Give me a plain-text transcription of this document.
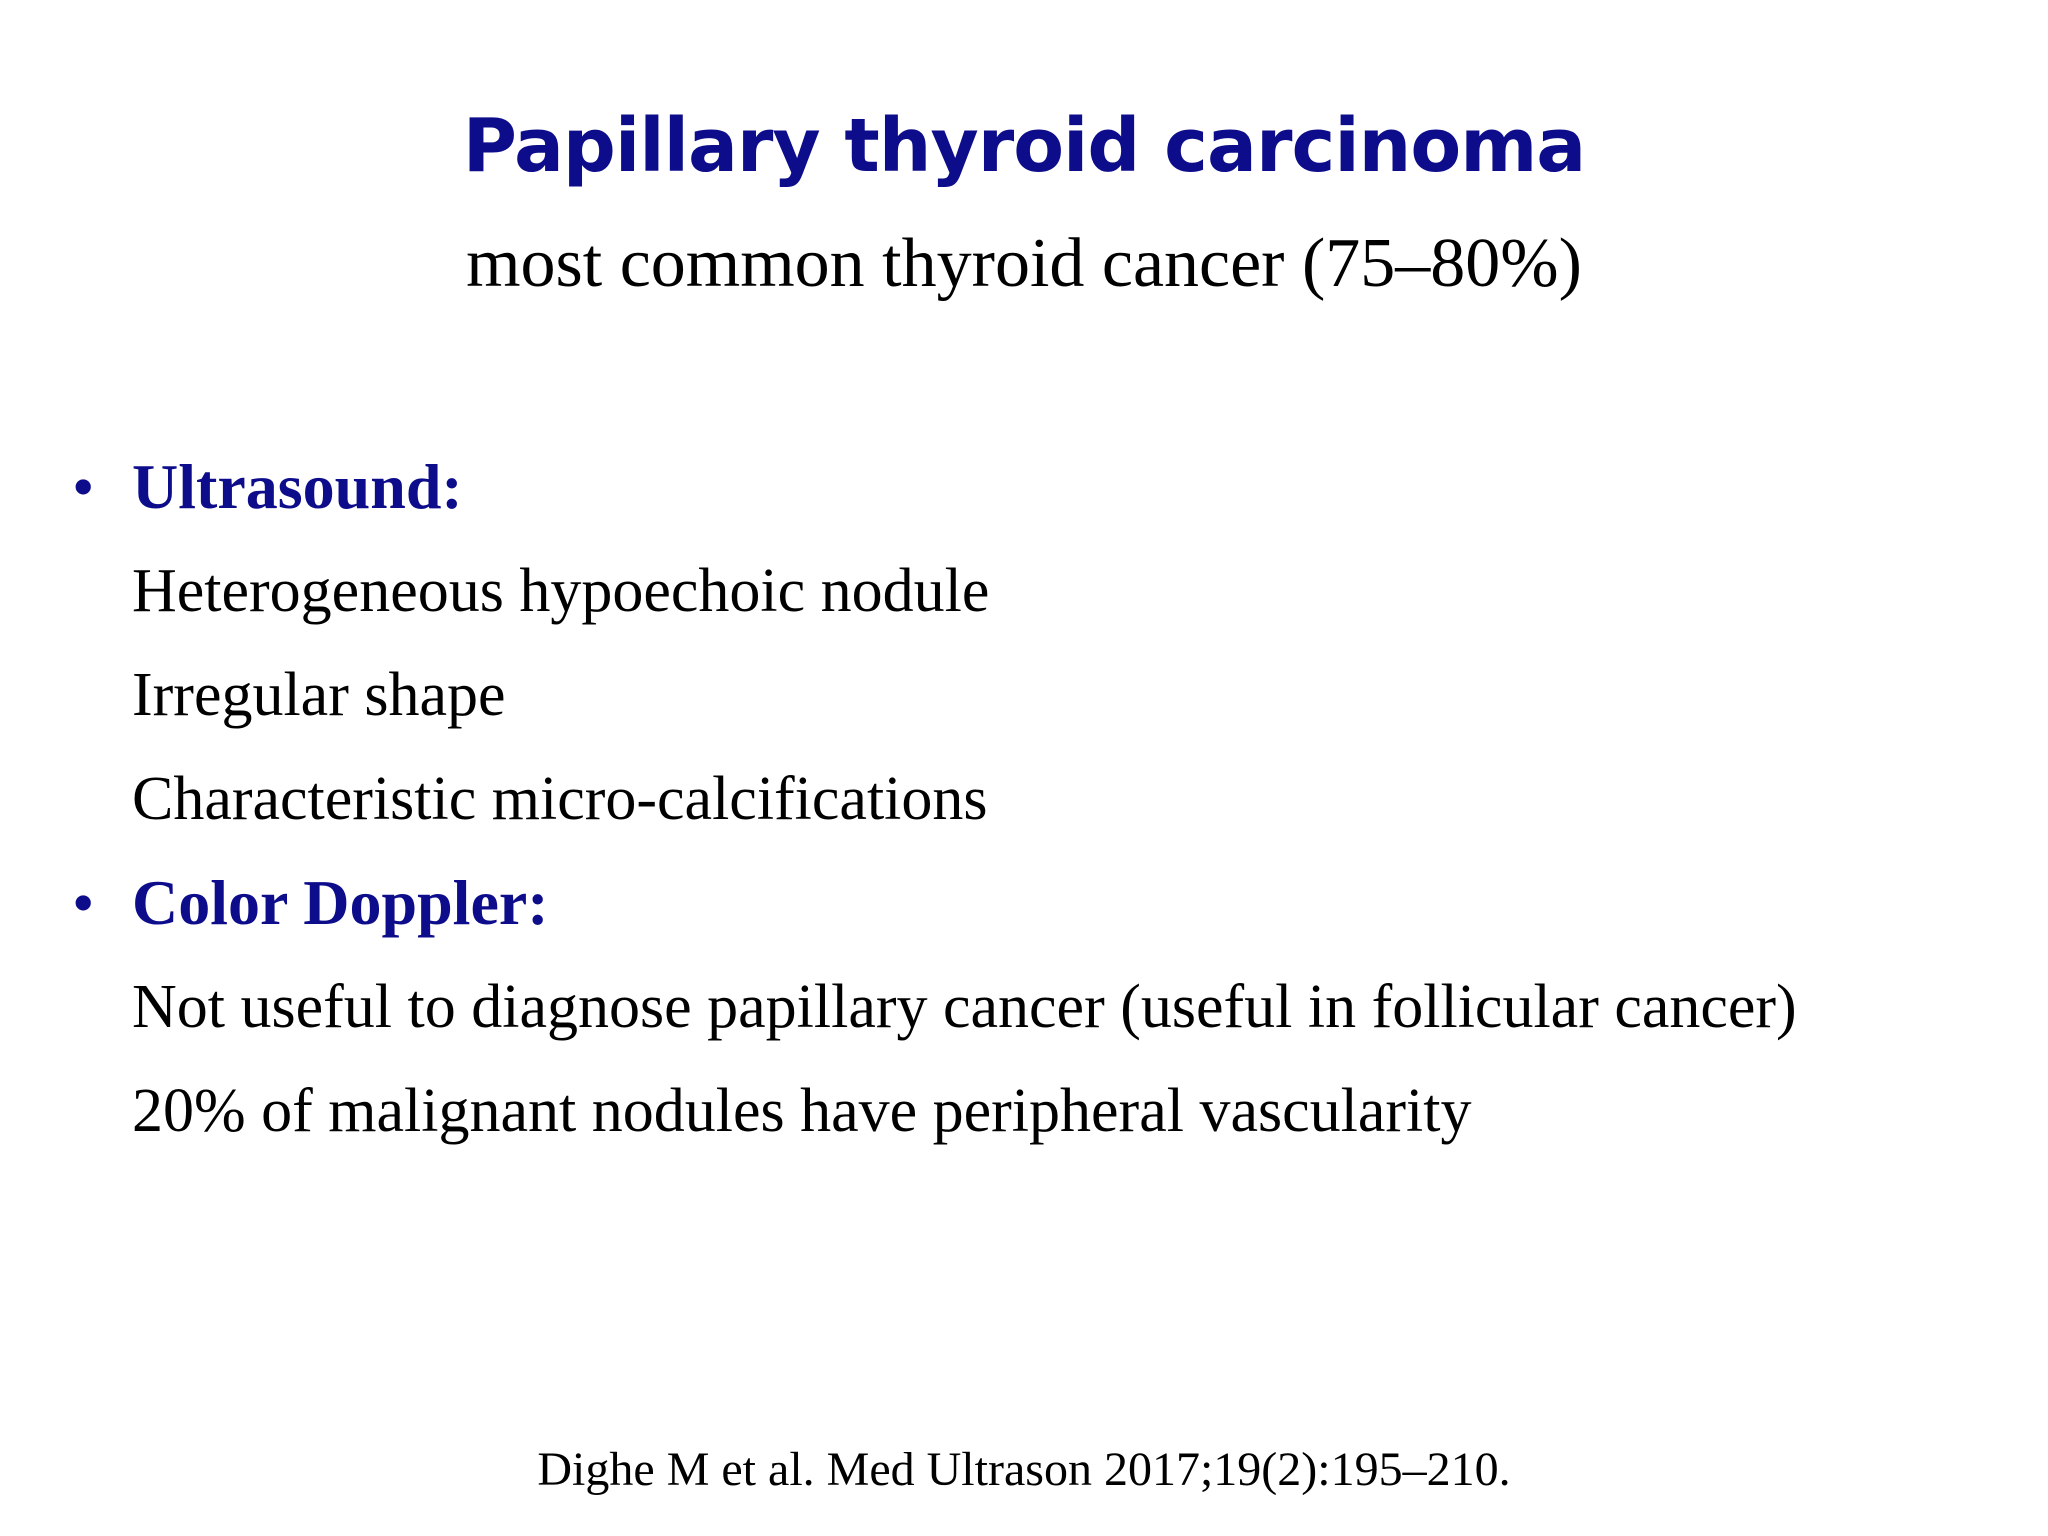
Papillary thyroid carcinoma
most common thyroid cancer (75–80%)
• Ultrasound:
Heterogeneous hypoechoic nodule
Irregular shape
Characteristic micro-calcifications
• Color Doppler:
Not useful to diagnose papillary cancer (useful in follicular cancer)
20% of malignant nodules have peripheral vascularity
Dighe M et al. Med Ultrason 2017;19(2):195–210.
